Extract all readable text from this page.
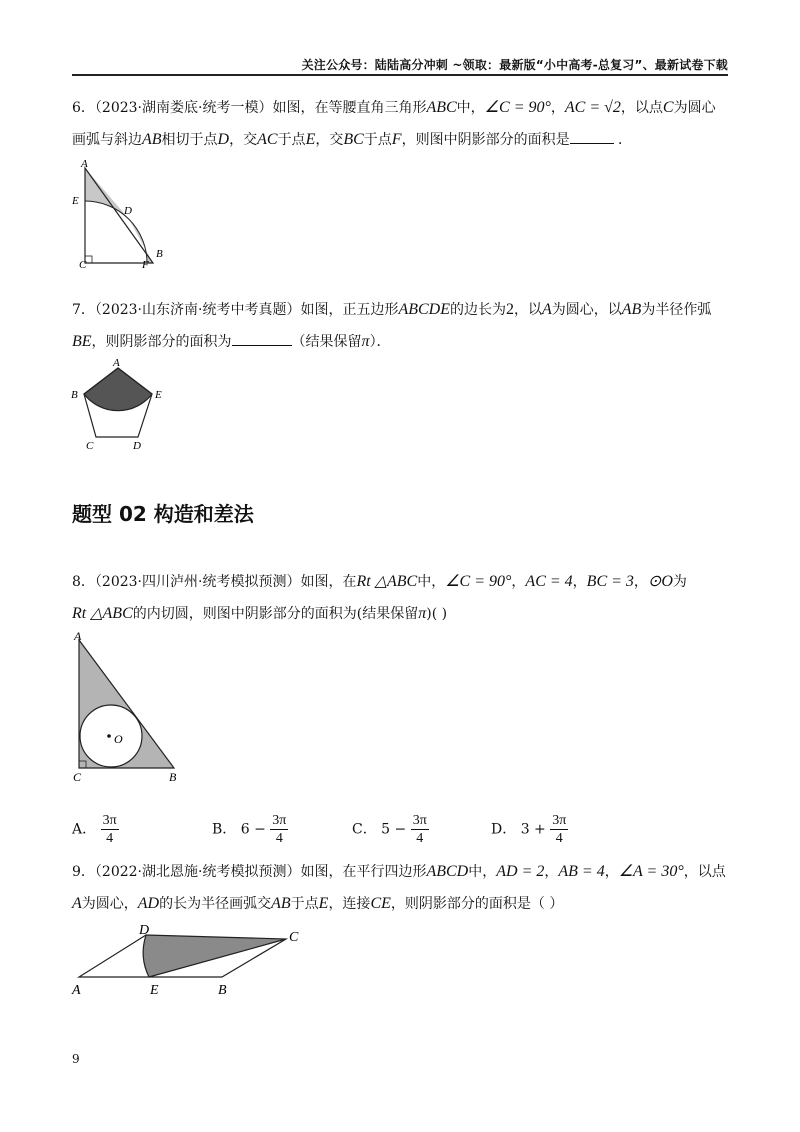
关注公众号：陆陆高分冲刺 ~领取：最新版“小中高考-总复习”、最新试卷下载
6．（2023·湖南娄底·统考一模）如图，在等腰直角三角形ABC中，∠C = 90°，AC = √2，以点C为圆心
画弧与斜边AB相切于点D，交AC于点E，交BC于点F，则图中阴影部分的面积是	．
A
E
D
C	F
B
7．（2023·山东济南·统考中考真题）如图，正五边形ABCDE的边长为2，以A为圆心，以AB为半径作弧
BE，则阴影部分的面积为	（结果保留π）．
A
B	E
C	D
题型 02 构造和差法
8．（2023·四川泸州·统考模拟预测）如图，在Rt △ABC中，∠C = 90°，AC = 4，BC = 3，⊙O为
Rt △ABC的内切圆，则图中阴影部分的面积为(结果保留π)( )
A
O
C	B
A． $\frac{3\pi}{4}$	B． $6 - \frac{3\pi}{4}$	C． $5 - \frac{3\pi}{4}$	D． $3 + \frac{3\pi}{4}$
9．（2022·湖北恩施·统考模拟预测）如图，在平行四边形ABCD中，AD = 2，AB = 4，∠A = 30°，以点
A为圆心，AD的长为半径画弧交AB于点E，连接CE，则阴影部分的面积是（ ）
D	C
A	E	B
9
